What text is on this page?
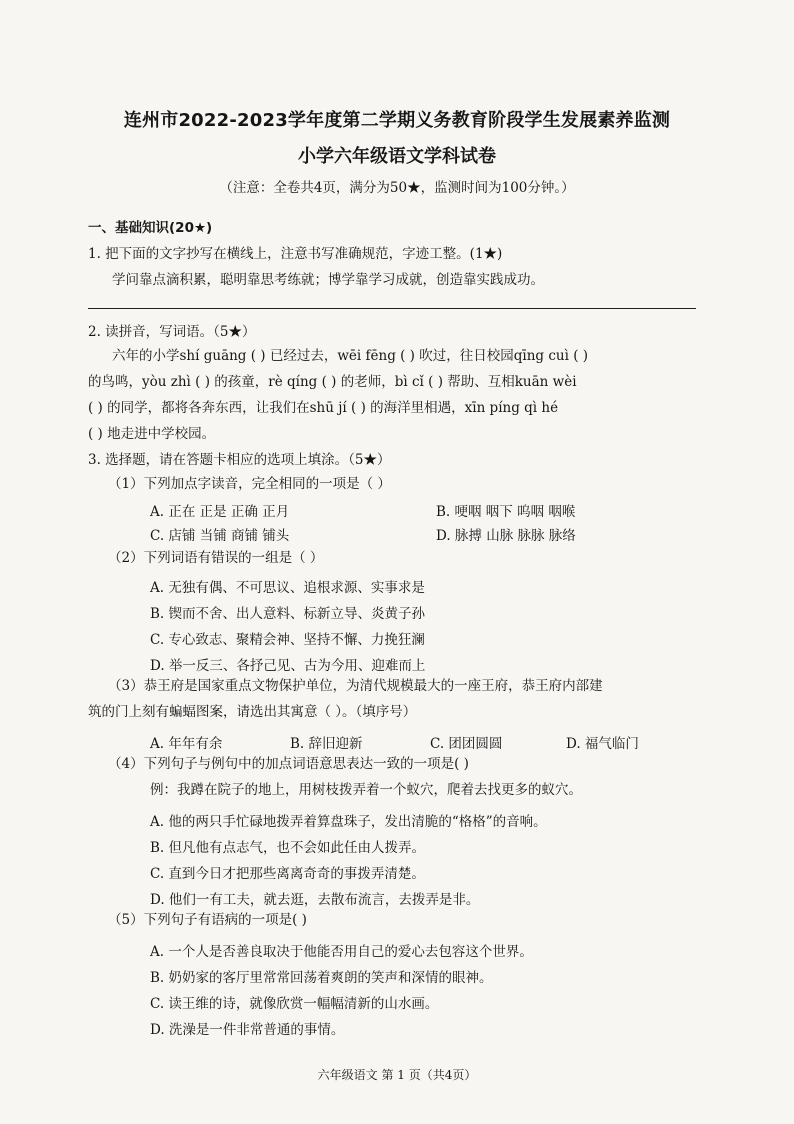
连州市2022-2023学年度第二学期义务教育阶段学生发展素养监测
小学六年级语文学科试卷
（注意：全卷共4页，满分为50★，监测时间为100分钟。）
一、基础知识(20★)
1. 把下面的文字抄写在横线上，注意书写准确规范，字迹工整。(1★)
学问靠点滴积累，聪明靠思考练就；博学靠学习成就，创造靠实践成功。
2. 读拼音，写词语。（5★）
六年的小学shí guāng ( ) 已经过去，wēi fēng ( ) 吹过，往日校园qīng cuì ( )
的鸟鸣，yòu zhì ( ) 的孩童，rè qíng ( ) 的老师，bì cǐ ( ) 帮助、互相kuān wèi
( ) 的同学，都将各奔东西，让我们在shū jí ( ) 的海洋里相遇，xīn píng qì hé
( ) 地走进中学校园。
3. 选择题，请在答题卡相应的选项上填涂。（5★）
（1）下列加点字读音，完全相同的一项是（ ）
A. 正在 正是 正确 正月	B. 哽咽 咽下 呜咽 咽喉
C. 店铺 当铺 商铺 铺头	D. 脉搏 山脉 脉脉 脉络
（2）下列词语有错误的一组是（ ）
A. 无独有偶、不可思议、追根求源、实事求是
B. 锲而不舍、出人意料、标新立导、炎黄子孙
C. 专心致志、聚精会神、坚持不懈、力挽狂澜
D. 举一反三、各抒己见、古为今用、迎难而上
（3）恭王府是国家重点文物保护单位，为清代规模最大的一座王府，恭王府内部建
筑的门上刻有蝙蝠图案，请选出其寓意（ ）。（填序号）
A. 年年有余	B. 辞旧迎新	C. 团团圆圆	D. 福气临门
（4）下列句子与例句中的加点词语意思表达一致的一项是( )
例：我蹲在院子的地上，用树枝拨弄着一个蚁穴，爬着去找更多的蚁穴。
A. 他的两只手忙碌地拨弄着算盘珠子，发出清脆的“格格”的音响。
B. 但凡他有点志气，也不会如此任由人拨弄。
C. 直到今日才把那些离离奇奇的事拨弄清楚。
D. 他们一有工夫，就去逛，去散布流言，去拨弄是非。
（5）下列句子有语病的一项是( )
A. 一个人是否善良取决于他能否用自己的爱心去包容这个世界。
B. 奶奶家的客厅里常常回荡着爽朗的笑声和深情的眼神。
C. 读王维的诗，就像欣赏一幅幅清新的山水画。
D. 洗澡是一件非常普通的事情。
六年级语文 第 1 页（共4页）
